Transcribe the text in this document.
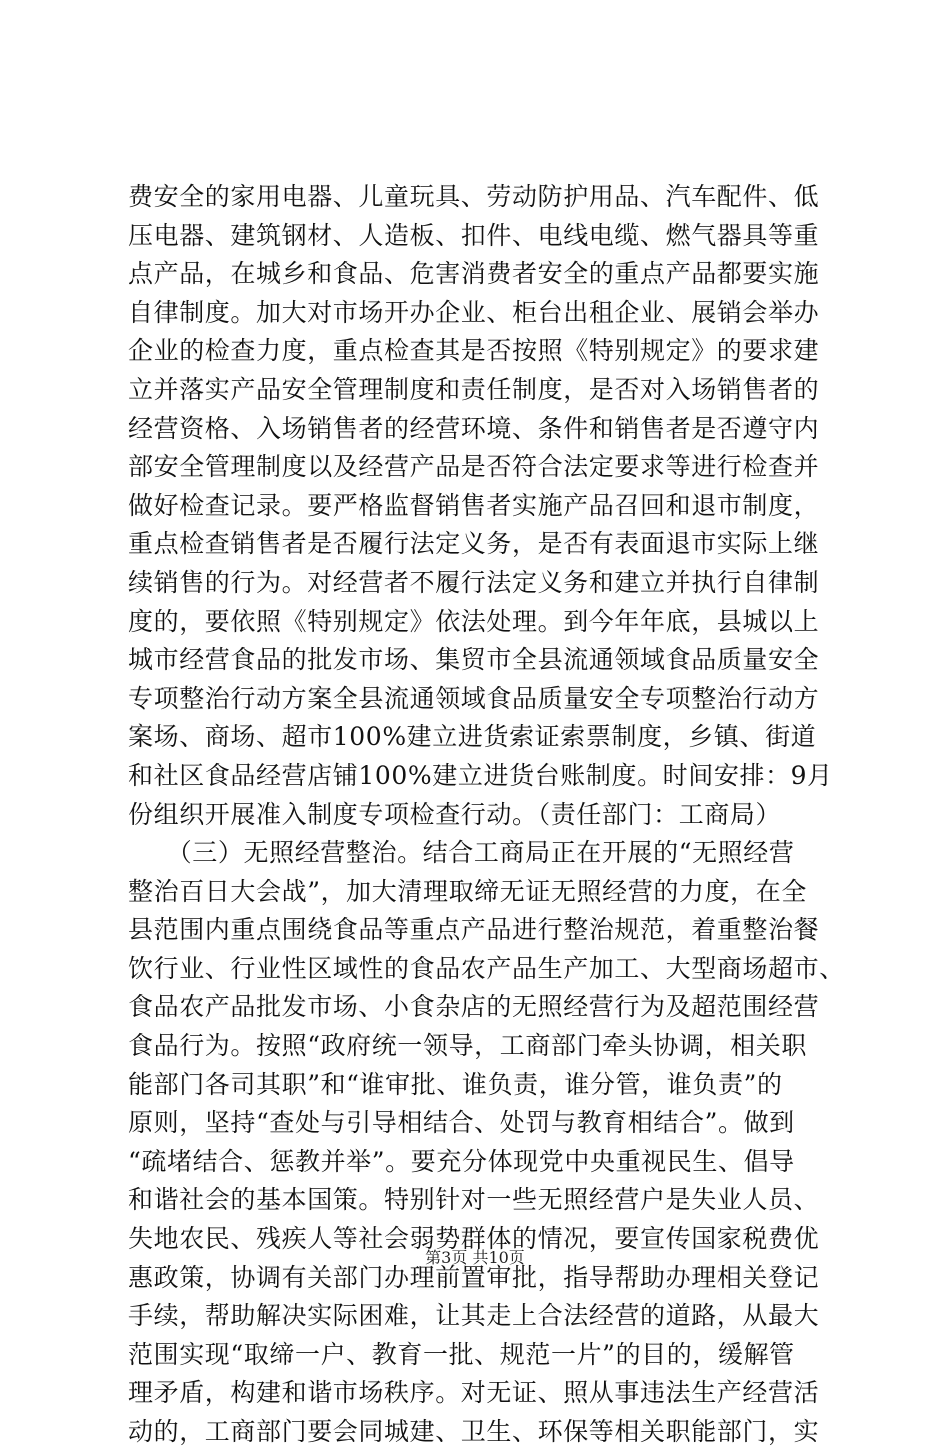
费安全的家用电器、儿童玩具、劳动防护用品、汽车配件、低
压电器、建筑钢材、人造板、扣件、电线电缆、燃气器具等重
点产品，在城乡和食品、危害消费者安全的重点产品都要实施
自律制度。加大对市场开办企业、柜台出租企业、展销会举办
企业的检查力度，重点检查其是否按照《特别规定》的要求建
立并落实产品安全管理制度和责任制度，是否对入场销售者的
经营资格、入场销售者的经营环境、条件和销售者是否遵守内
部安全管理制度以及经营产品是否符合法定要求等进行检查并
做好检查记录。要严格监督销售者实施产品召回和退市制度，
重点检查销售者是否履行法定义务，是否有表面退市实际上继
续销售的行为。对经营者不履行法定义务和建立并执行自律制
度的，要依照《特别规定》依法处理。到今年年底，县城以上
城市经营食品的批发市场、集贸市全县流通领域食品质量安全
专项整治行动方案全县流通领域食品质量安全专项整治行动方
案场、商场、超市100%建立进货索证索票制度，乡镇、街道
和社区食品经营店铺100%建立进货台账制度。时间安排：9月
份组织开展准入制度专项检查行动。（责任部门：工商局）
　　（三）无照经营整治。结合工商局正在开展的“无照经营
整治百日大会战”，加大清理取缔无证无照经营的力度，在全
县范围内重点围绕食品等重点产品进行整治规范，着重整治餐
饮行业、行业性区域性的食品农产品生产加工、大型商场超市、
食品农产品批发市场、小食杂店的无照经营行为及超范围经营
食品行为。按照“政府统一领导，工商部门牵头协调，相关职
能部门各司其职”和“谁审批、谁负责，谁分管，谁负责”的
原则，坚持“查处与引导相结合、处罚与教育相结合”。做到
“疏堵结合、惩教并举”。要充分体现党中央重视民生、倡导
和谐社会的基本国策。特别针对一些无照经营户是失业人员、
失地农民、残疾人等社会弱势群体的情况，要宣传国家税费优
惠政策，协调有关部门办理前置审批，指导帮助办理相关登记
手续，帮助解决实际困难，让其走上合法经营的道路，从最大
范围实现“取缔一户、教育一批、规范一片”的目的，缓解管
理矛盾，构建和谐市场秩序。对无证、照从事违法生产经营活
动的，工商部门要会同城建、卫生、环保等相关职能部门，实
第3页 共10页
